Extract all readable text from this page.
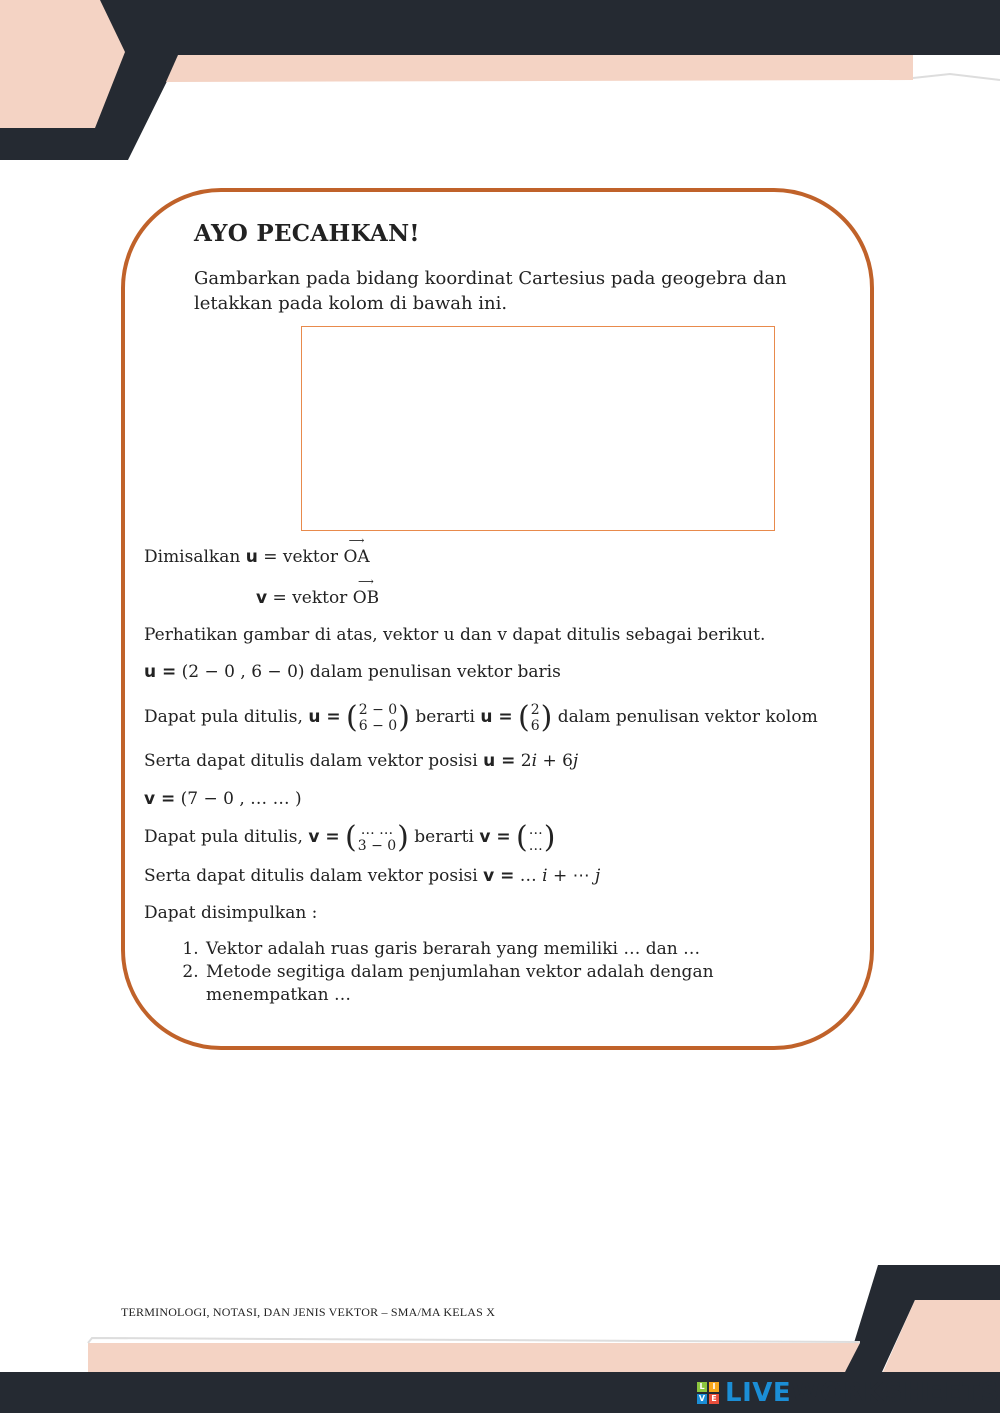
AYO PECAHKAN!
Gambarkan pada bidang koordinat Cartesius pada geogebra dan letakkan pada kolom di bawah ini.
Dimisalkan u = vektor
⟶
OA
v = vektor
⟶
OB
Perhatikan gambar di atas, vektor u dan v dapat ditulis sebagai berikut.
u = (2 − 0 , 6 − 0) dalam penulisan vektor baris
Dapat pula ditulis, u = ( 2 − 0
6 − 0 ) berarti u = ( 2
6 ) dalam penulisan vektor kolom
Serta dapat ditulis dalam vektor posisi u = 2𝑖 + 6𝑗
v = (7 − 0 , … … )
Dapat pula ditulis, v = ( … …
3 − 0 ) berarti v = ( …
… )
Serta dapat ditulis dalam vektor posisi v = … 𝑖 + ⋯ 𝑗
Dapat disimpulkan :
1. Vektor adalah ruas garis berarah yang memiliki … dan …
2. Metode segitiga dalam penjumlahan vektor adalah dengan menempatkan …
TERMINOLOGI, NOTASI, DAN JENIS VEKTOR – SMA/MA KELAS X
L I
V E LIVEWORKSHEETS
